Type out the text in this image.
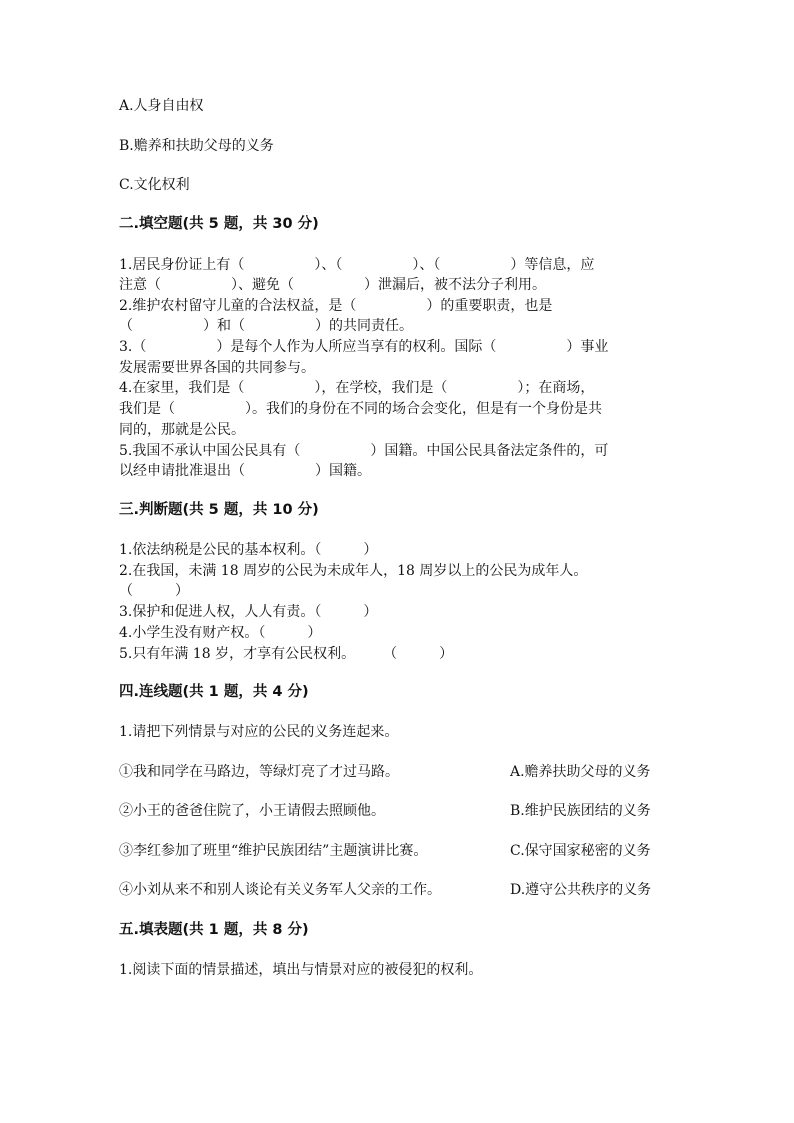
A.人身自由权
B.赡养和扶助父母的义务
C.文化权利
二.填空题(共 5 题，共 30 分)
1.居民身份证上有（　　　　　）、（　　　　　）、（　　　　　）等信息，应
注意（　　　　　）、避免（　　　　　）泄漏后，被不法分子利用。
2.维护农村留守儿童的合法权益，是（　　　　　）的重要职责，也是
（　　　　　）和（　　　　　）的共同责任。
3.（　　　　　）是每个人作为人所应当享有的权利。国际（　　　　　）事业
发展需要世界各国的共同参与。
4.在家里，我们是（　　　　　），在学校，我们是（　　　　　）；在商场，
我们是（　　　　　）。我们的身份在不同的场合会变化，但是有一个身份是共
同的，那就是公民。
5.我国不承认中国公民具有（　　　　　）国籍。中国公民具备法定条件的，可
以经申请批准退出（　　　　　）国籍。
三.判断题(共 5 题，共 10 分)
1.依法纳税是公民的基本权利。（　　　）
2.在我国，未满 18 周岁的公民为未成年人，18 周岁以上的公民为成年人。
（　　　）
3.保护和促进人权，人人有责。（　　　）
4.小学生没有财产权。（　　　）
5.只有年满 18 岁，才享有公民权利。　　　（　　　）
四.连线题(共 1 题，共 4 分)
1.请把下列情景与对应的公民的义务连起来。
①我和同学在马路边，等绿灯亮了才过马路。	A.赡养扶助父母的义务
②小王的爸爸住院了，小王请假去照顾他。	B.维护民族团结的义务
③李红参加了班里“维护民族团结”主题演讲比赛。	C.保守国家秘密的义务
④小刘从来不和别人谈论有关义务军人父亲的工作。	D.遵守公共秩序的义务
五.填表题(共 1 题，共 8 分)
1.阅读下面的情景描述，填出与情景对应的被侵犯的权利。
